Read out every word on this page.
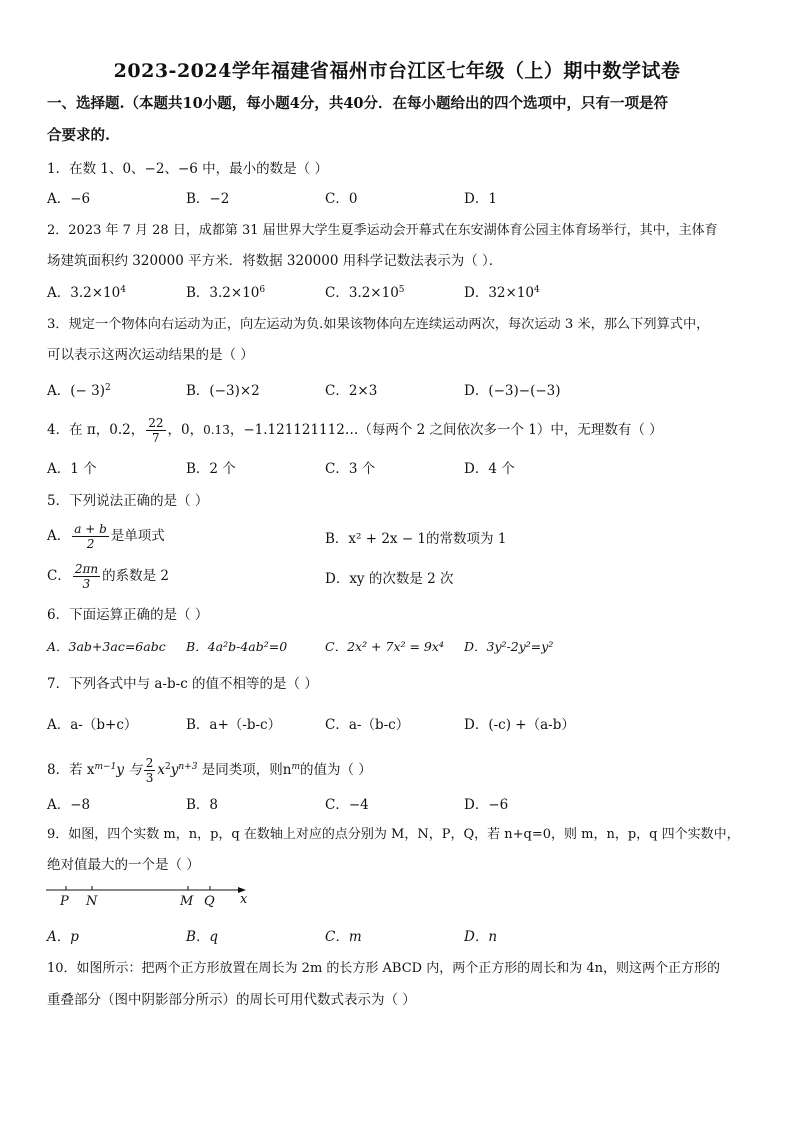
2023-2024学年福建省福州市台江区七年级（上）期中数学试卷
一、选择题.（本题共10小题，每小题4分，共40分．在每小题给出的四个选项中，只有一项是符
合要求的.
1．在数 1、0、−2、−6 中，最小的数是（ ）
A．−6	B．−2	C．0	D．1
2．2023 年 7 月 28 日，成都第 31 届世界大学生夏季运动会开幕式在东安湖体育公园主体育场举行，其中，主体育
场建筑面积约 320000 平方米．将数据 320000 用科学记数法表示为（ ）．
A．$3.2\times 10^4$	B．$3.2\times 10^6$	C．$3.2\times 10^5$	D．$32\times 10^4$
3．规定一个物体向右运动为正，向左运动为负.如果该物体向左连续运动两次，每次运动 3 米，那么下列算式中，
可以表示这两次运动结果的是（ ）
A．(− 3)$^2$	B．(−3)×2	C．2×3	D．(−3)−(−3)
4．在 π，0.2， $\frac{22}{7}$ ，0，0.13̇，−1.121121112…（每两个 2 之间依次多一个 1）中，无理数有（ ）
A．1 个	B．2 个	C．3 个	D．4 个
5．下列说法正确的是（ ）
A． $\frac{a + b}{2}$ 是单项式	B．x² + 2x − 1的常数项为 1
C． $\frac{2\pi n}{3}$ 的系数是 2	D．xy 的次数是 2 次
6．下面运算正确的是（ ）
A．3ab+3ac=6abc B．4a²b-4ab²=0	C．2x² + 7x² = 9x⁴ D．3y²-2y²=y²
7．下列各式中与 a-b-c 的值不相等的是（ ）
A．a-（b+c）	B．a+（-b-c）	C．a-（b-c）	D．(-c) +（a-b）
8．若 $x^{m-1}y$ 与 $\frac{2}{3} x^2y^{n+3}$ 是同类项，则$n^m$的值为（ ）
A．−8	B．8	C．−4	D．−6
9．如图，四个实数 m，n，p，q 在数轴上对应的点分别为 M，N，P，Q，若 n+q=0，则 m，n，p，q 四个实数中，
绝对值最大的一个是（ ）
P N	M Q x
A．p	B．q	C．m	D．n
10．如图所示：把两个正方形放置在周长为 2m 的长方形 ABCD 内，两个正方形的周长和为 4n，则这两个正方形的
重叠部分（图中阴影部分所示）的周长可用代数式表示为（ ）
